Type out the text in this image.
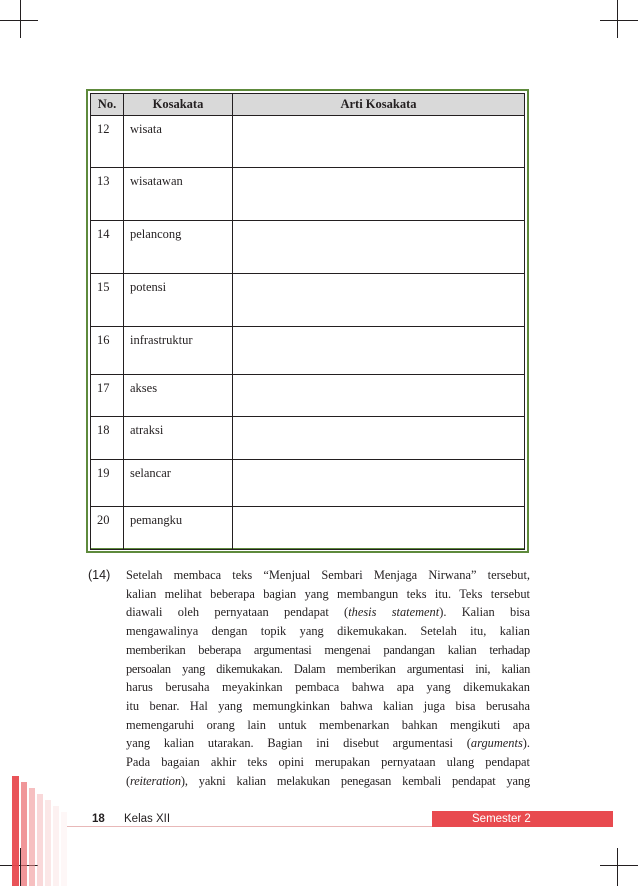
No.	Kosakata	Arti Kosakata
12	wisata	
13	wisatawan	
14	pelancong	
15	potensi	
16	infrastruktur	
17	akses	
18	atraksi	
19	selancar	
20	pemangku	
(14) Setelah membaca teks “Menjual Sembari Menjaga Nirwana” tersebut,
kalian melihat beberapa bagian yang membangun teks itu. Teks tersebut
diawali oleh pernyataan pendapat (thesis statement). Kalian bisa
mengawalinya dengan topik yang dikemukakan. Setelah itu, kalian
memberikan beberapa argumentasi mengenai pandangan kalian terhadap
persoalan yang dikemukakan. Dalam memberikan argumentasi ini, kalian
harus berusaha meyakinkan pembaca bahwa apa yang dikemukakan
itu benar. Hal yang memungkinkan bahwa kalian juga bisa berusaha
memengaruhi orang lain untuk membenarkan bahkan mengikuti apa
yang kalian utarakan. Bagian ini disebut argumentasi (arguments).
Pada bagaian akhir teks opini merupakan pernyataan ulang pendapat
(reiteration), yakni kalian melakukan penegasan kembali pendapat yang
18 Kelas XII	Semester 2
